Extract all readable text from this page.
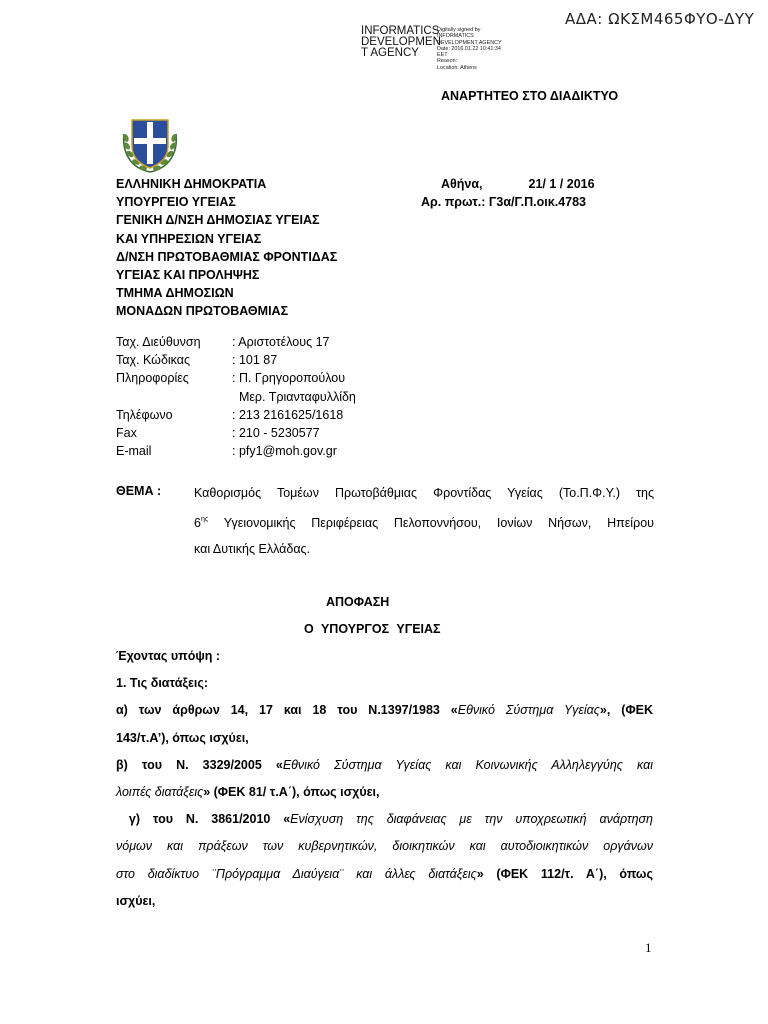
ΑΔΑ: ΩΚΣΜ465ΦΥΟ-ΔΥΥ
INFORMATICS
DEVELOPMEN
T AGENCY
Digitally signed by
INFORMATICS
DEVELOPMENT AGENCY
Date: 2016.01.22 10:41:34
EET
Reason:
Location: Athens
ΑΝΑΡΤΗΤΕΟ ΣΤΟ ΔΙΑΔΙΚΤΥΟ
ΕΛΛΗΝΙΚΗ ΔΗΜΟΚΡΑΤΙΑ
ΥΠΟΥΡΓΕΙΟ ΥΓΕΙΑΣ
ΓΕΝΙΚΗ Δ/ΝΣΗ ΔΗΜΟΣΙΑΣ ΥΓΕΙΑΣ
ΚΑΙ ΥΠΗΡΕΣΙΩΝ ΥΓΕΙΑΣ
Δ/ΝΣΗ ΠΡΩΤΟΒΑΘΜΙΑΣ ΦΡΟΝΤΙΔΑΣ
ΥΓΕΙΑΣ ΚΑΙ ΠΡΟΛΗΨΗΣ
ΤΜΗΜΑ ΔΗΜΟΣΙΩΝ
ΜΟΝΑΔΩΝ ΠΡΩΤΟΒΑΘΜΙΑΣ
Αθήνα,	21/ 1 / 2016
Αρ. πρωτ.: Γ3α/Γ.Π.οικ.4783
Ταχ. Διεύθυνση	: Αριστοτέλους 17
Ταχ. Κώδικας	: 101 87
Πληροφορίες	: Π. Γρηγοροπούλου
Μερ. Τριανταφυλλίδη
Τηλέφωνο	: 213 2161625/1618
Fax	: 210 - 5230577
E-mail	: pfy1@moh.gov.gr
ΘΕΜΑ :	Καθορισμός Τομέων Πρωτοβάθμιας Φροντίδας Υγείας (Το.Π.Φ.Υ.) της
$6^{\eta\varsigma}$ Υγειονομικής Περιφέρειας Πελοποννήσου, Ιονίων Νήσων, Ηπείρου
και Δυτικής Ελλάδας.
ΑΠΟΦΑΣΗ
Ο ΥΠΟΥΡΓΟΣ ΥΓΕΙΑΣ
Έχοντας υπόψη :
1. Τις διατάξεις:
α) των άρθρων 14, 17 και 18 του Ν.1397/1983 «Εθνικό Σύστημα Υγείας», (ΦΕΚ
143/τ.Α’), όπως ισχύει,
β) του Ν. 3329/2005 «Εθνικό Σύστημα Υγείας και Κοινωνικής Αλληλεγγύης και
λοιπές διατάξεις» (ΦΕΚ 81/ τ.Α΄), όπως ισχύει,
γ) του Ν. 3861/2010 «Ενίσχυση της διαφάνειας με την υποχρεωτική ανάρτηση
νόμων και πράξεων των κυβερνητικών, διοικητικών και αυτοδιοικητικών οργάνων
στο διαδίκτυο ¨Πρόγραμμα Διαύγεια¨ και άλλες διατάξεις» (ΦΕΚ 112/τ. Α΄), όπως
ισχύει,
1
